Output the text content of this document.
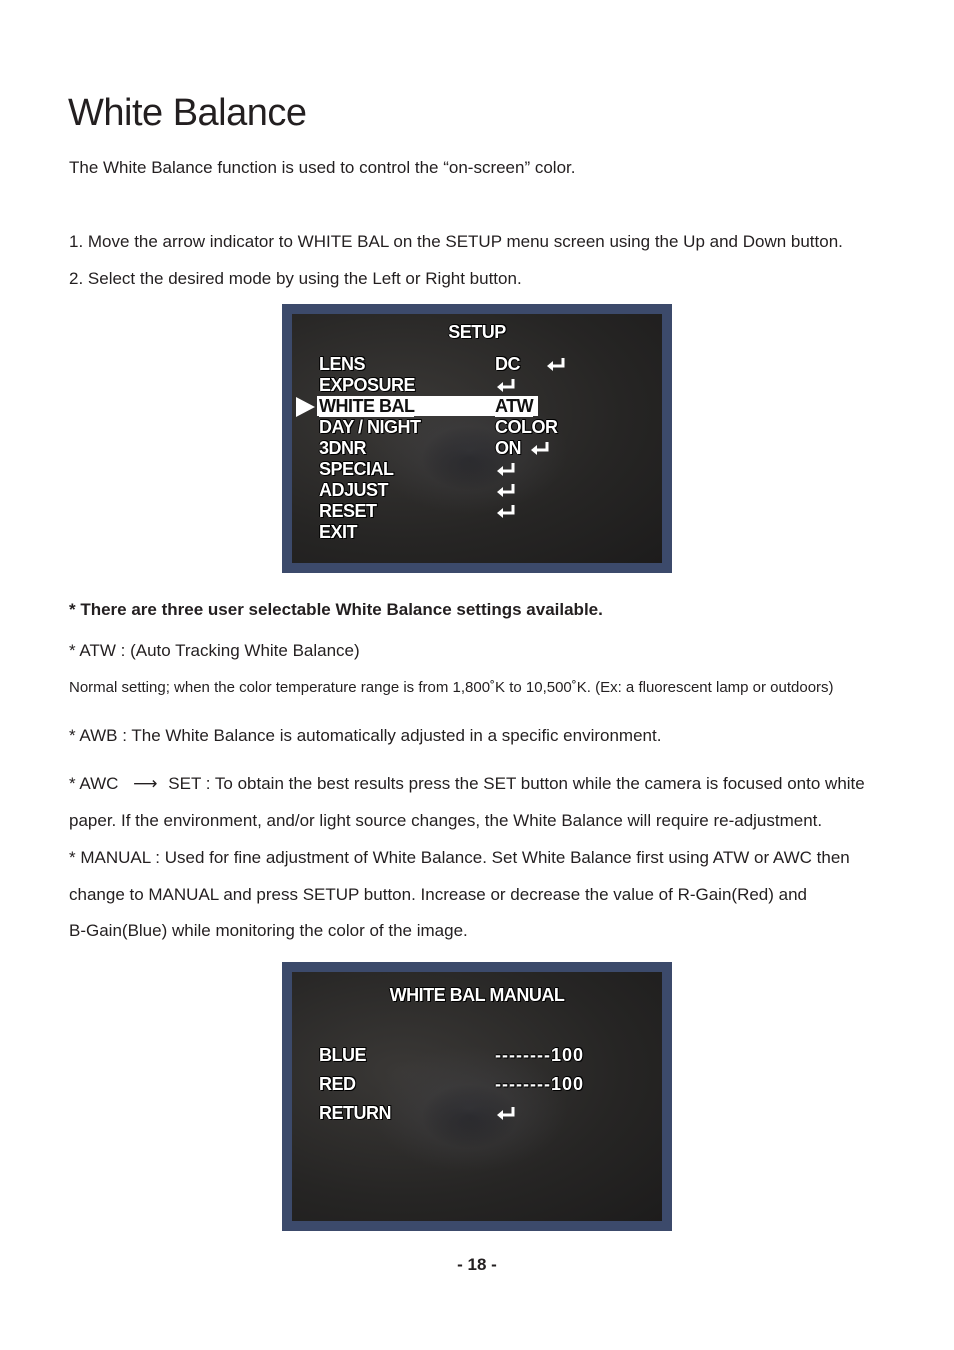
White Balance
The White Balance function is used to control the “on-screen” color.
1. Move the arrow indicator to WHITE BAL on the SETUP menu screen using the Up and Down button.
2. Select the desired mode by using the Left or Right button.
SETUP
LENS	DC
EXPOSURE
WHITE BAL	ATW
DAY / NIGHT	COLOR
3DNR	ON
SPECIAL
ADJUST
RESET
EXIT
* There are three user selectable White Balance settings available.
* ATW : (Auto Tracking White Balance)
Normal setting; when the color temperature range is from 1,800˚K to 10,500˚K. (Ex: a fluorescent lamp or outdoors)
* AWB : The White Balance is automatically adjusted in a specific environment.
* AWC ⟶ SET : To obtain the best results press the SET button while the camera is focused onto white
paper. If the environment, and/or light source changes, the White Balance will require re-adjustment.
* MANUAL : Used for fine adjustment of White Balance. Set White Balance first using ATW or AWC then
change to MANUAL and press SETUP button. Increase or decrease the value of R-Gain(Red) and
B-Gain(Blue) while monitoring the color of the image.
WHITE BAL MANUAL
BLUE	--------100
RED	--------100
RETURN
- 18 -
